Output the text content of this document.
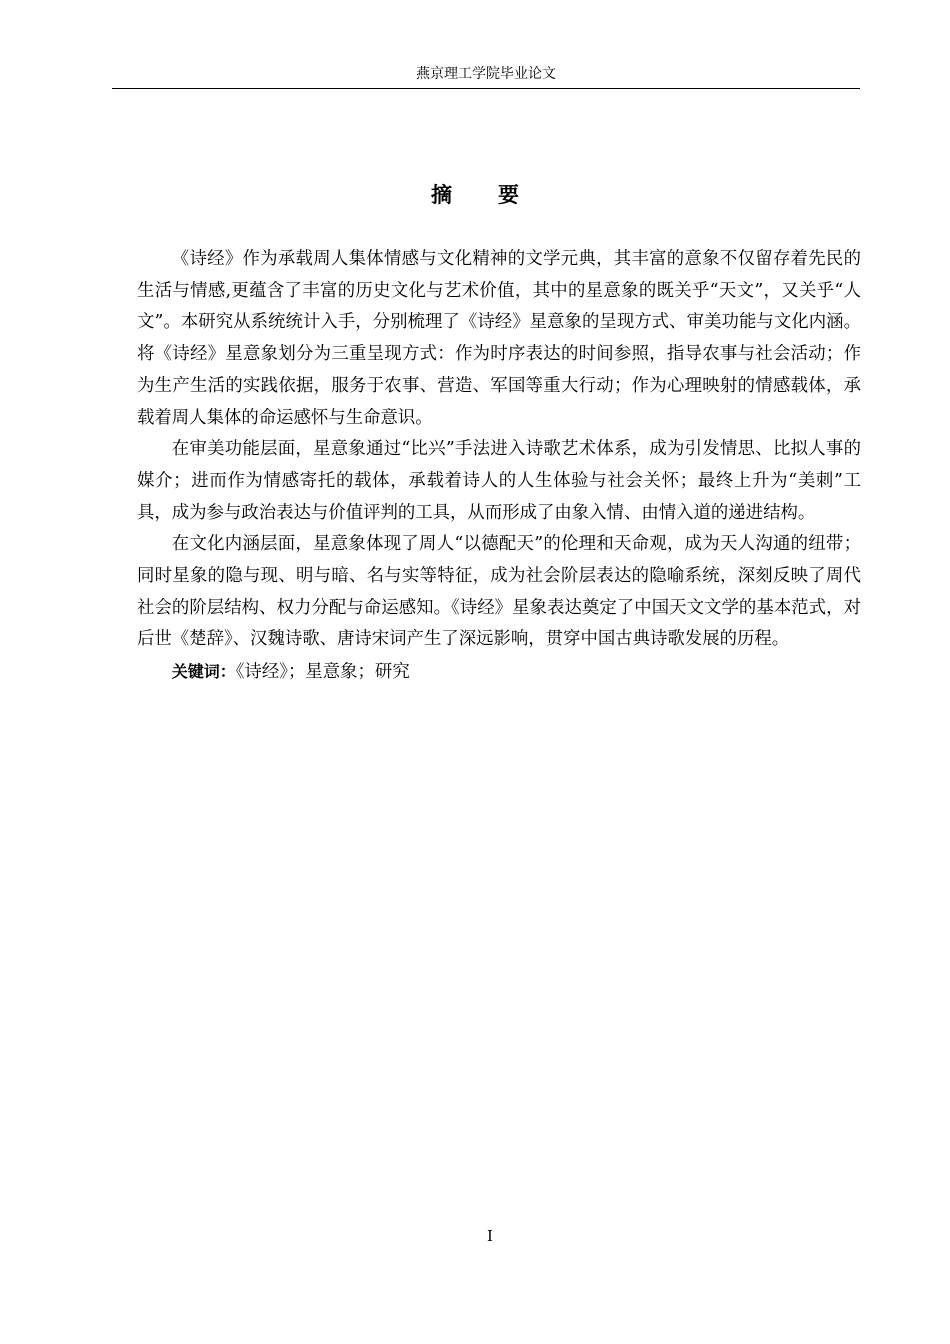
燕京理工学院毕业论文
摘要

《诗经》作为承载周人集体情感与文化精神的文学元典，其丰富的意象不仅留存着先民的生活与情感,更蕴含了丰富的历史文化与艺术价值，其中的星意象的既关乎“天文”，又关乎“人文”。本研究从系统统计入手，分别梳理了《诗经》星意象的呈现方式、审美功能与文化内涵。将《诗经》星意象划分为三重呈现方式：作为时序表达的时间参照，指导农事与社会活动；作为生产生活的实践依据，服务于农事、营造、军国等重大行动；作为心理映射的情感载体，承载着周人集体的命运感怀与生命意识。

在审美功能层面，星意象通过“比兴”手法进入诗歌艺术体系，成为引发情思、比拟人事的媒介；进而作为情感寄托的载体，承载着诗人的人生体验与社会关怀；最终上升为“美刺”工具，成为参与政治表达与价值评判的工具，从而形成了由象入情、由情入道的递进结构。

在文化内涵层面，星意象体现了周人“以德配天”的伦理和天命观，成为天人沟通的纽带；同时星象的隐与现、明与暗、名与实等特征，成为社会阶层表达的隐喻系统，深刻反映了周代社会的阶层结构、权力分配与命运感知。《诗经》星象表达奠定了中国天文文学的基本范式，对后世《楚辞》、汉魏诗歌、唐诗宋词产生了深远影响，贯穿中国古典诗歌发展的历程。

关键词：《诗经》；星意象；研究

I
